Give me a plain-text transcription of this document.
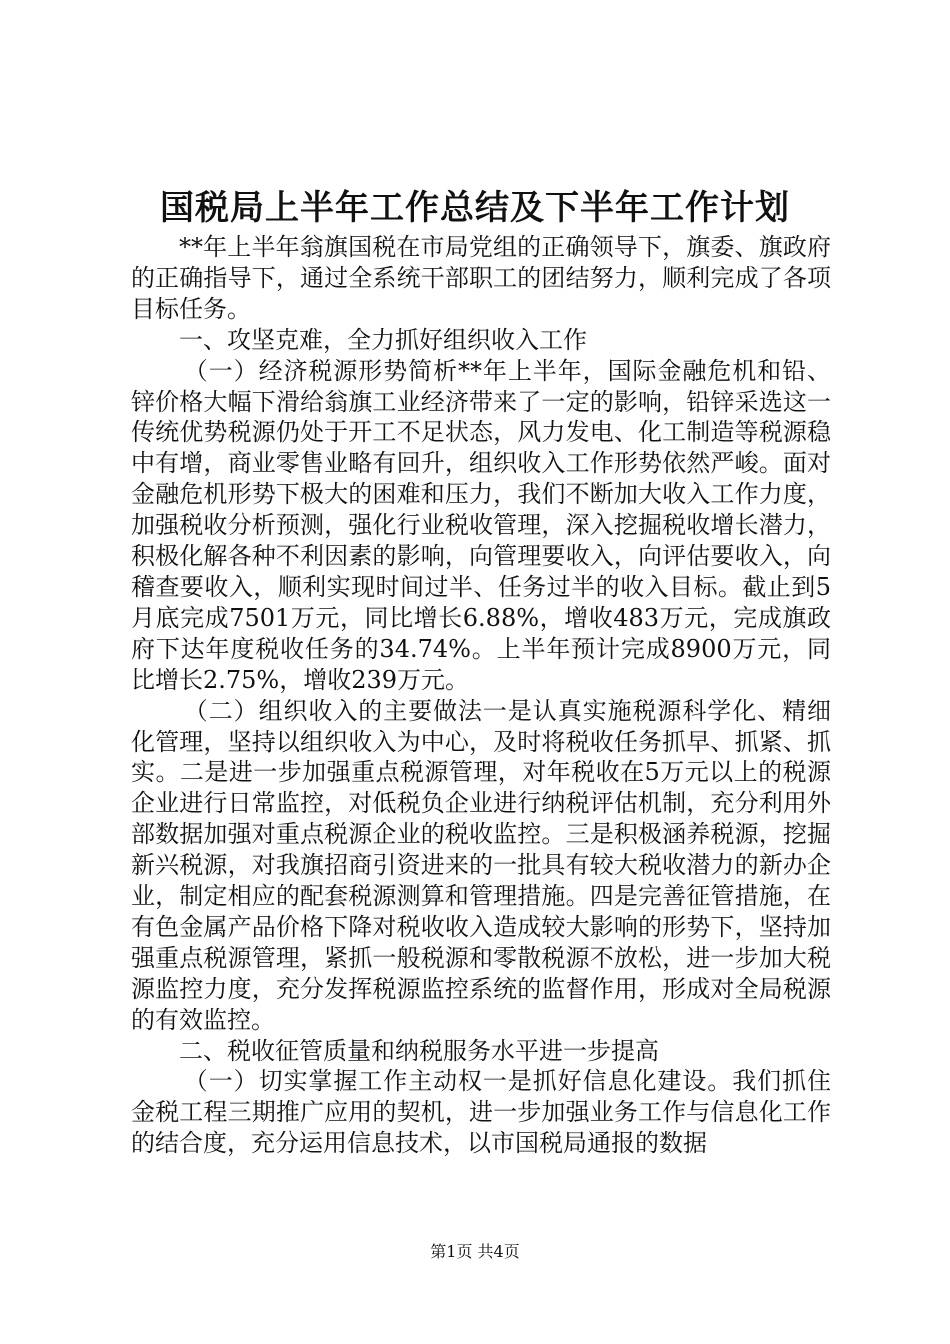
国税局上半年工作总结及下半年工作计划

**年上半年翁旗国税在市局党组的正确领导下，旗委、旗政府的正确指导下，通过全系统干部职工的团结努力，顺利完成了各项目标任务。

一、攻坚克难，全力抓好组织收入工作

（一）经济税源形势简析**年上半年，国际金融危机和铅、锌价格大幅下滑给翁旗工业经济带来了一定的影响，铅锌采选这一传统优势税源仍处于开工不足状态，风力发电、化工制造等税源稳中有增，商业零售业略有回升，组织收入工作形势依然严峻。面对金融危机形势下极大的困难和压力，我们不断加大收入工作力度，加强税收分析预测，强化行业税收管理，深入挖掘税收增长潜力，积极化解各种不利因素的影响，向管理要收入，向评估要收入，向稽查要收入，顺利实现时间过半、任务过半的收入目标。截止到5月底完成7501万元，同比增长6.88%，增收483万元，完成旗政府下达年度税收任务的34.74%。上半年预计完成8900万元，同比增长2.75%，增收239万元。

（二）组织收入的主要做法一是认真实施税源科学化、精细化管理，坚持以组织收入为中心，及时将税收任务抓早、抓紧、抓实。二是进一步加强重点税源管理，对年税收在5万元以上的税源企业进行日常监控，对低税负企业进行纳税评估机制，充分利用外部数据加强对重点税源企业的税收监控。三是积极涵养税源，挖掘新兴税源，对我旗招商引资进来的一批具有较大税收潜力的新办企业，制定相应的配套税源测算和管理措施。四是完善征管措施，在有色金属产品价格下降对税收收入造成较大影响的形势下，坚持加强重点税源管理，紧抓一般税源和零散税源不放松，进一步加大税源监控力度，充分发挥税源监控系统的监督作用，形成对全局税源的有效监控。

二、税收征管质量和纳税服务水平进一步提高

（一）切实掌握工作主动权一是抓好信息化建设。我们抓住金税工程三期推广应用的契机，进一步加强业务工作与信息化工作的结合度，充分运用信息技术，以市国税局通报的数据

第1页 共4页
